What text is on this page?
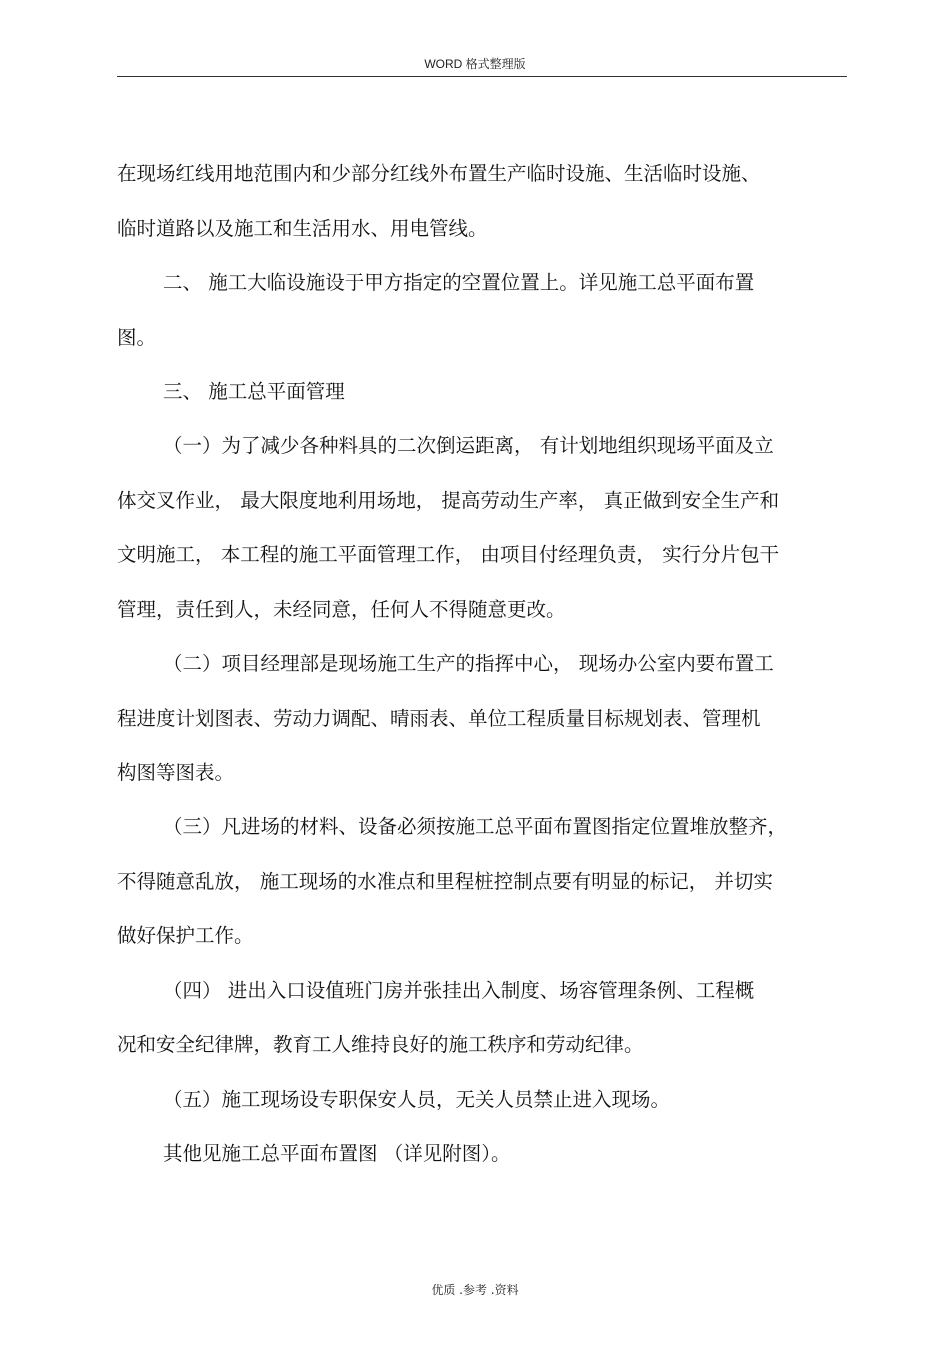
WORD 格式整理版
在现场红线用地范围内和少部分红线外布置生产临时设施、生活临时设施、
临时道路以及施工和生活用水、用电管线。
二、 施工大临设施设于甲方指定的空置位置上。详见施工总平面布置
图。
三、 施工总平面管理
（一）为了减少各种料具的二次倒运距离， 有计划地组织现场平面及立
体交叉作业， 最大限度地利用场地， 提高劳动生产率， 真正做到安全生产和
文明施工， 本工程的施工平面管理工作， 由项目付经理负责， 实行分片包干
管理，责任到人，未经同意，任何人不得随意更改。
（二）项目经理部是现场施工生产的指挥中心， 现场办公室内要布置工
程进度计划图表、劳动力调配、晴雨表、单位工程质量目标规划表、管理机
构图等图表。
（三）凡进场的材料、设备必须按施工总平面布置图指定位置堆放整齐，
不得随意乱放， 施工现场的水准点和里程桩控制点要有明显的标记， 并切实
做好保护工作。
（四） 进出入口设值班门房并张挂出入制度、场容管理条例、工程概
况和安全纪律牌，教育工人维持良好的施工秩序和劳动纪律。
（五）施工现场设专职保安人员，无关人员禁止进入现场。
其他见施工总平面布置图 （详见附图）。
优质 .参考 .资料
